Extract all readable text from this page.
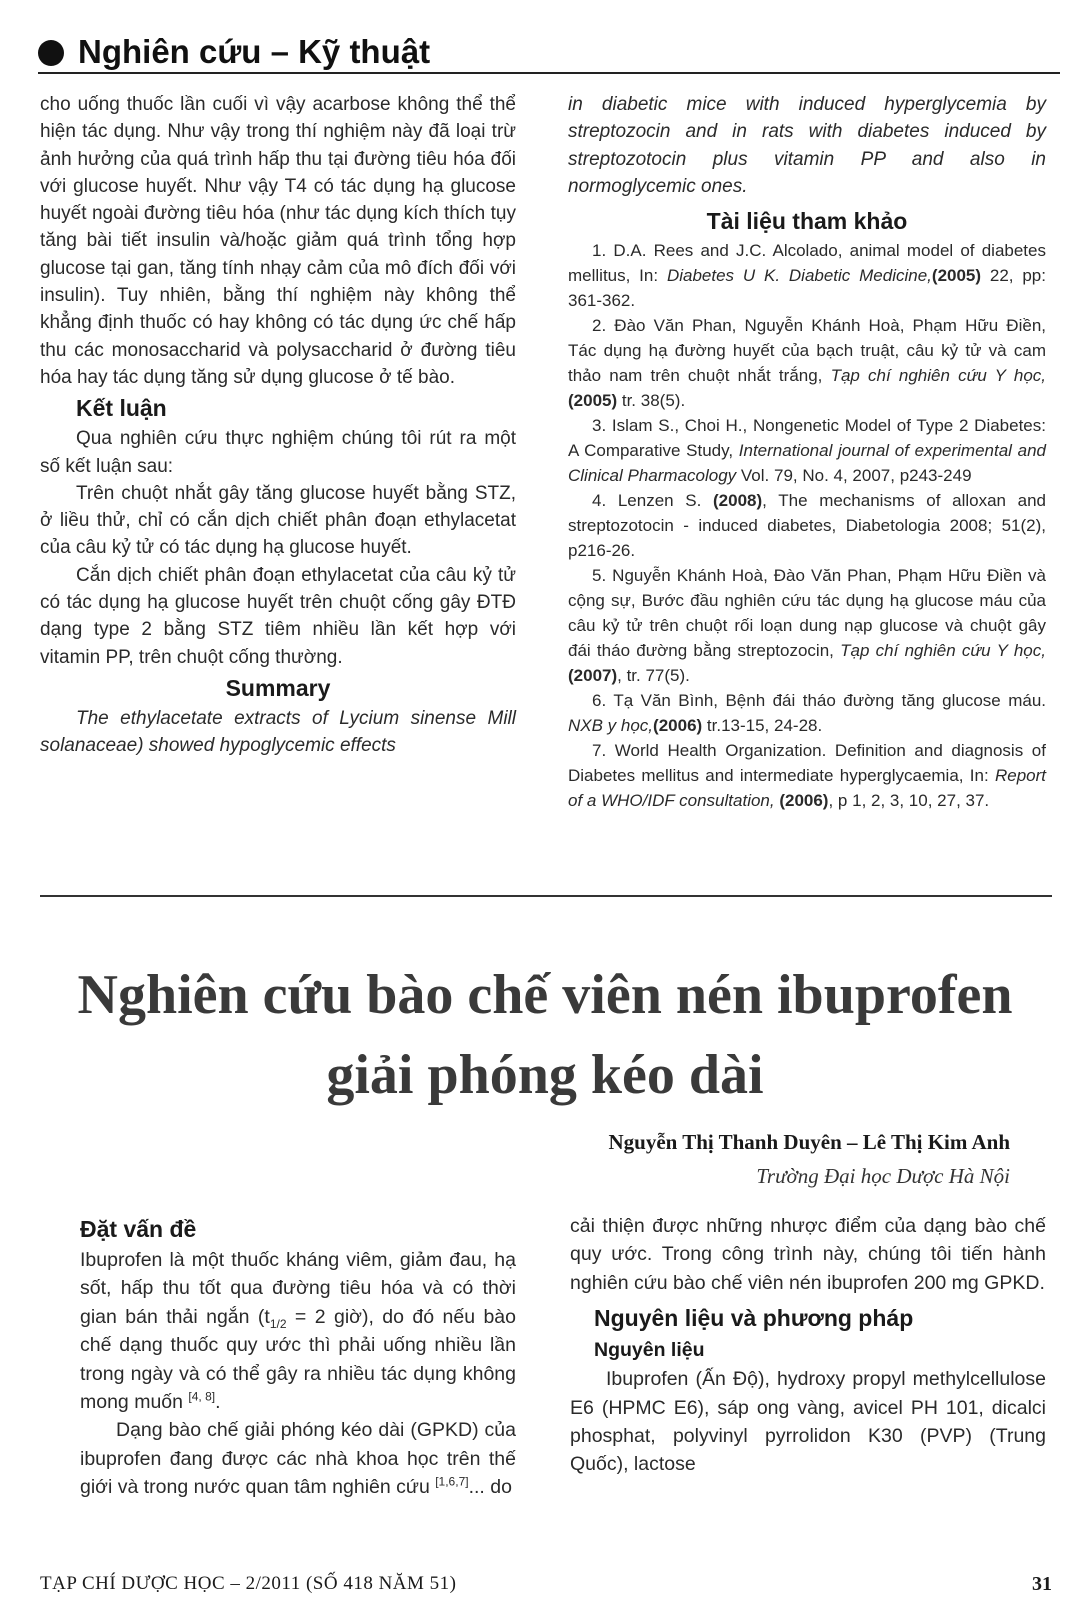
Nghiên cứu – Kỹ thuật

cho uống thuốc lần cuối vì vậy acarbose không thể thể hiện tác dụng. Như vậy trong thí nghiệm này đã loại trừ ảnh hưởng của quá trình hấp thu tại đường tiêu hóa đối với glucose huyết. Như vậy T4 có tác dụng hạ glucose huyết ngoài đường tiêu hóa (như tác dụng kích thích tụy tăng bài tiết insulin và/hoặc giảm quá trình tổng hợp glucose tại gan, tăng tính nhạy cảm của mô đích đối với insulin). Tuy nhiên, bằng thí nghiệm này không thể khẳng định thuốc có hay không có tác dụng ức chế hấp thu các monosaccharid và polysaccharid ở đường tiêu hóa hay tác dụng tăng sử dụng glucose ở tế bào.

Kết luận

Qua nghiên cứu thực nghiệm chúng tôi rút ra một số kết luận sau:

Trên chuột nhắt gây tăng glucose huyết bằng STZ, ở liều thử, chỉ có cắn dịch chiết phân đoạn ethylacetat của câu kỷ tử có tác dụng hạ glucose huyết.

Cắn dịch chiết phân đoạn ethylacetat của câu kỷ tử có tác dụng hạ glucose huyết trên chuột cống gây ĐTĐ dạng type 2 bằng STZ tiêm nhiều lần kết hợp với vitamin PP, trên chuột cống thường.

Summary

The ethylacetate extracts of Lycium sinense Mill solanaceae) showed hypoglycemic effects

in diabetic mice with induced hyperglycemia by streptozocin and in rats with diabetes induced by streptozotocin plus vitamin PP and also in normoglycemic ones.

Tài liệu tham khảo

1. D.A. Rees and J.C. Alcolado, animal model of diabetes mellitus, In: Diabetes U K. Diabetic Medicine,(2005) 22, pp: 361-362.

2. Đào Văn Phan, Nguyễn Khánh Hoà, Phạm Hữu Điền, Tác dụng hạ đường huyết của bạch truật, câu kỷ tử và cam thảo nam trên chuột nhắt trắng, Tạp chí nghiên cứu Y học,(2005) tr. 38(5).

3. Islam S., Choi H., Nongenetic Model of Type 2 Diabetes: A Comparative Study, International journal of experimental and Clinical Pharmacology Vol. 79, No. 4, 2007, p243-249

4. Lenzen S. (2008), The mechanisms of alloxan and streptozotocin - induced diabetes, Diabetologia 2008; 51(2), p216-26.

5. Nguyễn Khánh Hoà, Đào Văn Phan, Phạm Hữu Điền và cộng sự, Bước đầu nghiên cứu tác dụng hạ glucose máu của câu kỷ tử trên chuột rối loạn dung nạp glucose và chuột gây đái tháo đường bằng streptozocin, Tạp chí nghiên cứu Y học, (2007), tr. 77(5).

6. Tạ Văn Bình, Bệnh đái tháo đường tăng glucose máu. NXB y học,(2006) tr.13-15, 24-28.

7. World Health Organization. Definition and diagnosis of Diabetes mellitus and intermediate hyperglycaemia, In: Report of a WHO/IDF consultation, (2006), p 1, 2, 3, 10, 27, 37.

Nghiên cứu bào chế viên nén ibuprofen
giải phóng kéo dài
Nguyễn Thị Thanh Duyên – Lê Thị Kim Anh
Trường Đại học Dược Hà Nội
Đặt vấn đề

Ibuprofen là một thuốc kháng viêm, giảm đau, hạ sốt, hấp thu tốt qua đường tiêu hóa và có thời gian bán thải ngắn ($t_{1/2} = 2$ giờ), do đó nếu bào chế dạng thuốc quy ước thì phải uống nhiều lần trong ngày và có thể gây ra nhiều tác dụng không mong muốn [4, 8].

Dạng bào chế giải phóng kéo dài (GPKD) của ibuprofen đang được các nhà khoa học trên thế giới và trong nước quan tâm nghiên cứu [1,6,7]... do

cải thiện được những nhược điểm của dạng bào chế quy ước. Trong công trình này, chúng tôi tiến hành nghiên cứu bào chế viên nén ibuprofen 200 mg GPKD.

Nguyên liệu và phương pháp
Nguyên liệu

Ibuprofen (Ấn Độ), hydroxy propyl methylcellulose E6 (HPMC E6), sáp ong vàng, avicel PH 101, dicalci phosphat, polyvinyl pyrrolidon K30 (PVP) (Trung Quốc), lactose

TẠP CHÍ DƯỢC HỌC – 2/2011 (SỐ 418 NĂM 51)	31
